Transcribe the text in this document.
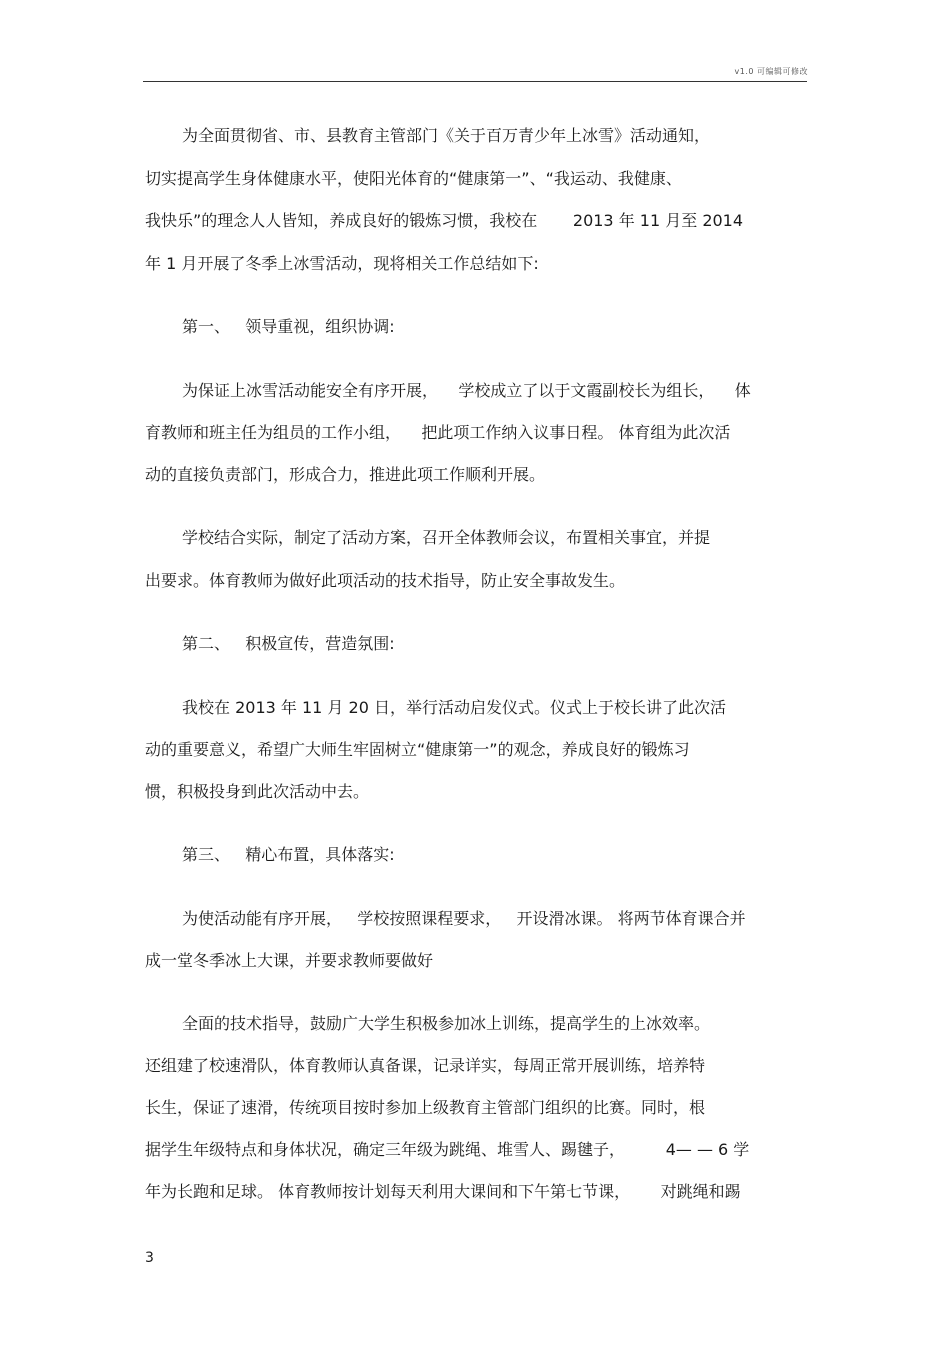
v1.0 可编辑可修改
为全面贯彻省、市、县教育主管部门《关于百万青少年上冰雪》活动通知，
切实提高学生身体健康水平，使阳光体育的“健康第一”、“我运动、我健康、
我快乐”的理念人人皆知，养成良好的锻炼习惯，我校在       2013 年 11 月至 2014
年 1 月开展了冬季上冰雪活动，现将相关工作总结如下:
第一、   领导重视，组织协调:
为保证上冰雪活动能安全有序开展，    学校成立了以于文霞副校长为组长，    体
育教师和班主任为组员的工作小组，    把此项工作纳入议事日程。 体育组为此次活
动的直接负责部门，形成合力，推进此项工作顺利开展。
学校结合实际，制定了活动方案，召开全体教师会议，布置相关事宜，并提
出要求。体育教师为做好此项活动的技术指导，防止安全事故发生。
第二、   积极宣传，营造氛围:
我校在 2013 年 11 月 20 日，举行活动启发仪式。仪式上于校长讲了此次活
动的重要意义，希望广大师生牢固树立“健康第一”的观念，养成良好的锻炼习
惯，积极投身到此次活动中去。
第三、   精心布置，具体落实:
为使活动能有序开展，   学校按照课程要求，   开设滑冰课。 将两节体育课合并
成一堂冬季冰上大课，并要求教师要做好
全面的技术指导，鼓励广大学生积极参加冰上训练，提高学生的上冰效率。
还组建了校速滑队，体育教师认真备课，记录详实，每周正常开展训练，培养特
长生，保证了速滑，传统项目按时参加上级教育主管部门组织的比赛。同时，根
据学生年级特点和身体状况，确定三年级为跳绳、堆雪人、踢毽子，        4— — 6 学
年为长跑和足球。 体育教师按计划每天利用大课间和下午第七节课，      对跳绳和踢
3
